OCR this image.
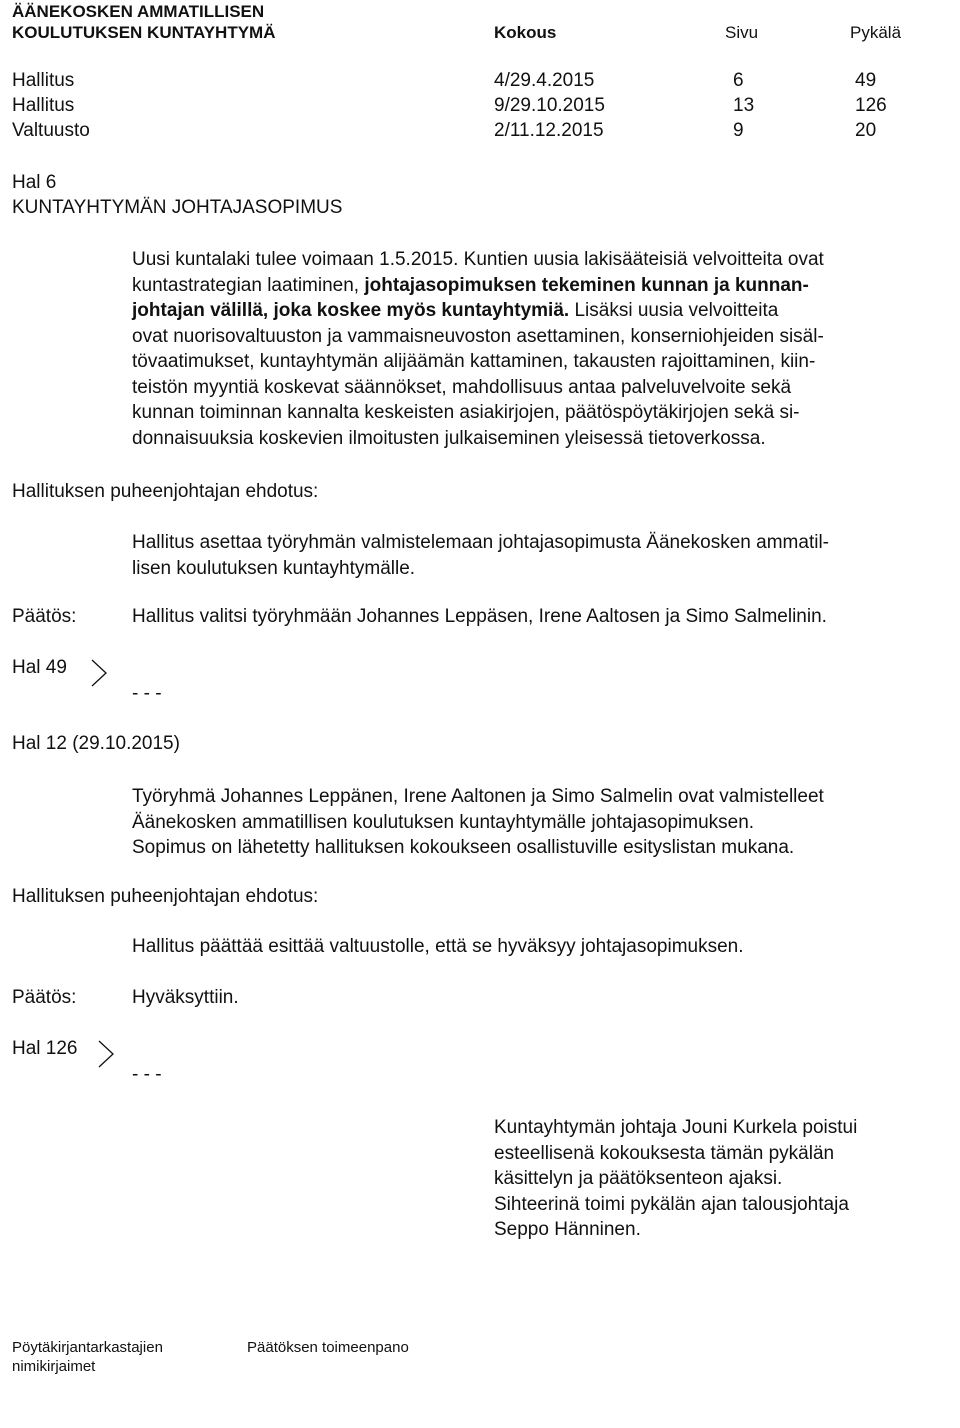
ÄÄNEKOSKEN AMMATILLISEN
KOULUTUKSEN KUNTAYHTYMÄ	Kokous	Sivu	Pykälä
Hallitus	4/29.4.2015	6	49
Hallitus	9/29.10.2015	13	126
Valtuusto	2/11.12.2015	9	20
Hal 6
KUNTAYHTYMÄN JOHTAJASOPIMUS
Uusi kuntalaki tulee voimaan 1.5.2015. Kuntien uusia lakisääteisiä velvoitteita ovat
kuntastrategian laatiminen, johtajasopimuksen tekeminen kunnan ja kunnan-
johtajan välillä, joka koskee myös kuntayhtymiä. Lisäksi uusia velvoitteita
ovat nuorisovaltuuston ja vammaisneuvoston asettaminen, konserniohjeiden sisäl-
tövaatimukset, kuntayhtymän alijäämän kattaminen, takausten rajoittaminen, kiin-
teistön myyntiä koskevat säännökset, mahdollisuus antaa palveluvelvoite sekä
kunnan toiminnan kannalta keskeisten asiakirjojen, päätöspöytäkirjojen sekä si-
donnaisuuksia koskevien ilmoitusten julkaiseminen yleisessä tietoverkossa.
Hallituksen puheenjohtajan ehdotus:
Hallitus asettaa työryhmän valmistelemaan johtajasopimusta Äänekosken ammatil-
lisen koulutuksen kuntayhtymälle.
Päätös:	Hallitus valitsi työryhmään Johannes Leppäsen, Irene Aaltosen ja Simo Salmelinin.
Hal 49
- - -
Hal 12 (29.10.2015)
Työryhmä Johannes Leppänen, Irene Aaltonen ja Simo Salmelin ovat valmistelleet
Äänekosken ammatillisen koulutuksen kuntayhtymälle johtajasopimuksen.
Sopimus on lähetetty hallituksen kokoukseen osallistuville esityslistan mukana.
Hallituksen puheenjohtajan ehdotus:
Hallitus päättää esittää valtuustolle, että se hyväksyy johtajasopimuksen.
Päätös:	Hyväksyttiin.
Hal 126
- - -
Kuntayhtymän johtaja Jouni Kurkela poistui
esteellisenä kokouksesta tämän pykälän
käsittelyn ja päätöksenteon ajaksi.
Sihteerinä toimi pykälän ajan talousjohtaja
Seppo Hänninen.
Pöytäkirjantarkastajien
nimikirjaimet
Päätöksen toimeenpano
